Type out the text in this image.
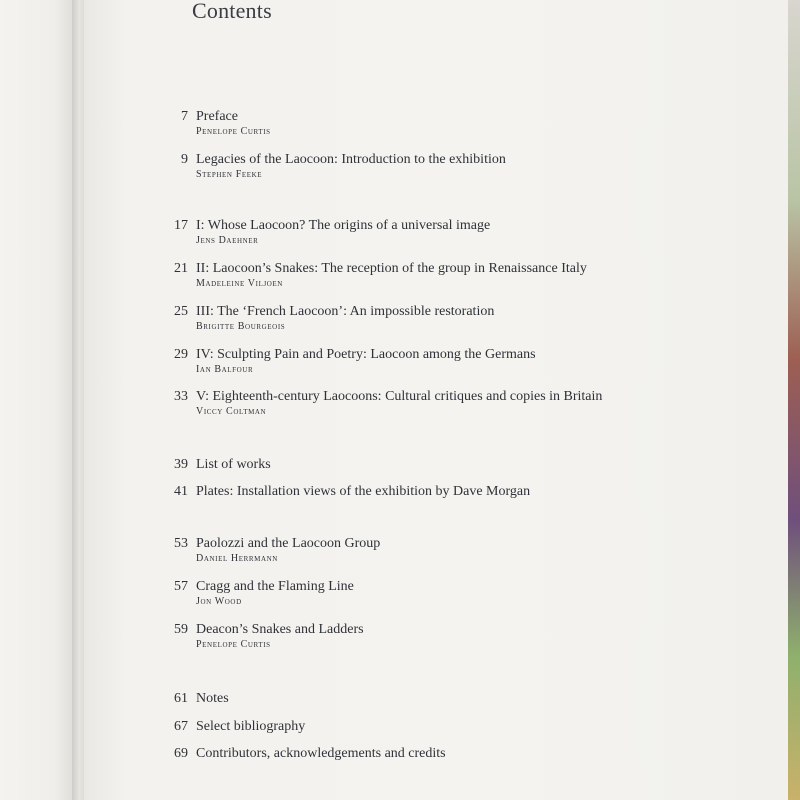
Contents
7 Preface
Penelope Curtis
9 Legacies of the Laocoon: Introduction to the exhibition
Stephen Feeke
17 I: Whose Laocoon? The origins of a universal image
Jens Daehner
21 II: Laocoon’s Snakes: The reception of the group in Renaissance Italy
Madeleine Viljoen
25 III: The ‘French Laocoon’: An impossible restoration
Brigitte Bourgeois
29 IV: Sculpting Pain and Poetry: Laocoon among the Germans
Ian Balfour
33 V: Eighteenth-century Laocoons: Cultural critiques and copies in Britain
Viccy Coltman
39 List of works
41 Plates: Installation views of the exhibition by Dave Morgan
53 Paolozzi and the Laocoon Group
Daniel Herrmann
57 Cragg and the Flaming Line
Jon Wood
59 Deacon’s Snakes and Ladders
Penelope Curtis
61 Notes
67 Select bibliography
69 Contributors, acknowledgements and credits
